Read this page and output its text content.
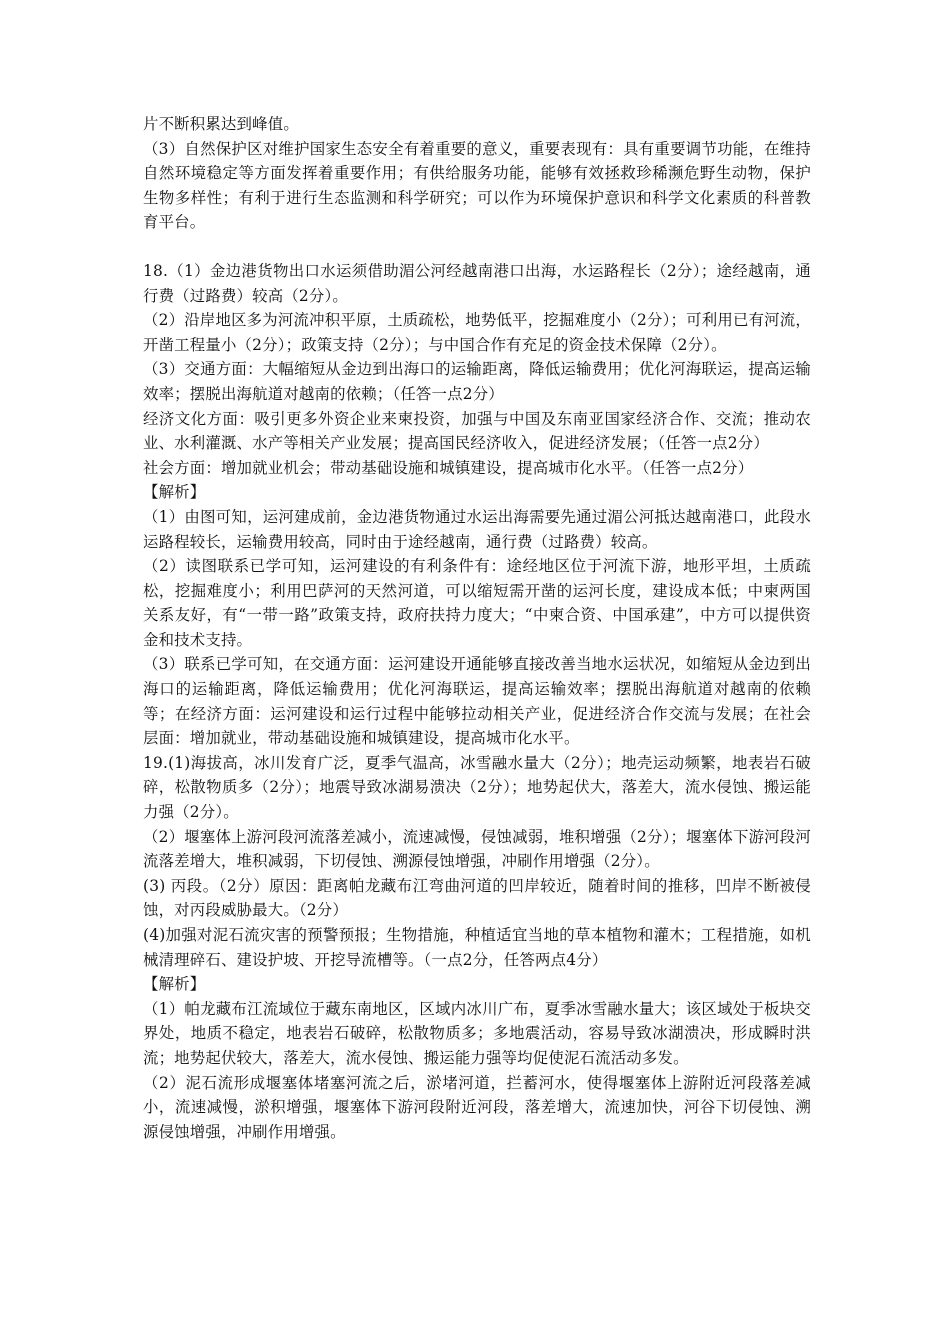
片不断积累达到峰值。

（3）自然保护区对维护国家生态安全有着重要的意义，重要表现有：具有重要调节功能，在维持自然环境稳定等方面发挥着重要作用；有供给服务功能，能够有效拯救珍稀濒危野生动物，保护生物多样性；有利于进行生态监测和科学研究；可以作为环境保护意识和科学文化素质的科普教育平台。

18.（1）金边港货物出口水运须借助湄公河经越南港口出海，水运路程长（2分）；途经越南，通行费（过路费）较高（2分）。

（2）沿岸地区多为河流冲积平原，土质疏松，地势低平，挖掘难度小（2分）；可利用已有河流，开凿工程量小（2分）；政策支持（2分）；与中国合作有充足的资金技术保障（2分）。

（3）交通方面：大幅缩短从金边到出海口的运输距离，降低运输费用；优化河海联运，提高运输效率；摆脱出海航道对越南的依赖；（任答一点2分）

经济文化方面：吸引更多外资企业来柬投资，加强与中国及东南亚国家经济合作、交流；推动农业、水利灌溉、水产等相关产业发展；提高国民经济收入，促进经济发展；（任答一点2分）

社会方面：增加就业机会；带动基础设施和城镇建设，提高城市化水平。（任答一点2分）

【解析】

（1）由图可知，运河建成前，金边港货物通过水运出海需要先通过湄公河抵达越南港口，此段水运路程较长，运输费用较高，同时由于途经越南，通行费（过路费）较高。

（2）读图联系已学可知，运河建设的有利条件有：途经地区位于河流下游，地形平坦，土质疏松，挖掘难度小；利用巴萨河的天然河道，可以缩短需开凿的运河长度，建设成本低；中柬两国关系友好，有“一带一路”政策支持，政府扶持力度大；“中柬合资、中国承建”，中方可以提供资金和技术支持。

（3）联系已学可知，在交通方面：运河建设开通能够直接改善当地水运状况，如缩短从金边到出海口的运输距离，降低运输费用；优化河海联运，提高运输效率；摆脱出海航道对越南的依赖等；在经济方面：运河建设和运行过程中能够拉动相关产业，促进经济合作交流与发展；在社会层面：增加就业，带动基础设施和城镇建设，提高城市化水平。

19.(1)海拔高，冰川发育广泛，夏季气温高，冰雪融水量大（2分）；地壳运动频繁，地表岩石破碎，松散物质多（2分）；地震导致冰湖易溃决（2分）；地势起伏大，落差大，流水侵蚀、搬运能力强（2分）。

（2）堰塞体上游河段河流落差减小，流速减慢，侵蚀减弱，堆积增强（2分）；堰塞体下游河段河流落差增大，堆积减弱，下切侵蚀、溯源侵蚀增强，冲刷作用增强（2分）。

(3) 丙段。（2分）原因：距离帕龙藏布江弯曲河道的凹岸较近，随着时间的推移，凹岸不断被侵蚀，对丙段威胁最大。（2分）

(4)加强对泥石流灾害的预警预报；生物措施，种植适宜当地的草本植物和灌木；工程措施，如机械清理碎石、建设护坡、开挖导流槽等。（一点2分，任答两点4分）

【解析】

（1）帕龙藏布江流域位于藏东南地区，区域内冰川广布，夏季冰雪融水量大；该区域处于板块交界处，地质不稳定，地表岩石破碎，松散物质多；多地震活动，容易导致冰湖溃决，形成瞬时洪流；地势起伏较大，落差大，流水侵蚀、搬运能力强等均促使泥石流活动多发。

（2）泥石流形成堰塞体堵塞河流之后，淤堵河道，拦蓄河水，使得堰塞体上游附近河段落差减小，流速减慢，淤积增强，堰塞体下游河段附近河段，落差增大，流速加快，河谷下切侵蚀、溯源侵蚀增强，冲刷作用增强。
